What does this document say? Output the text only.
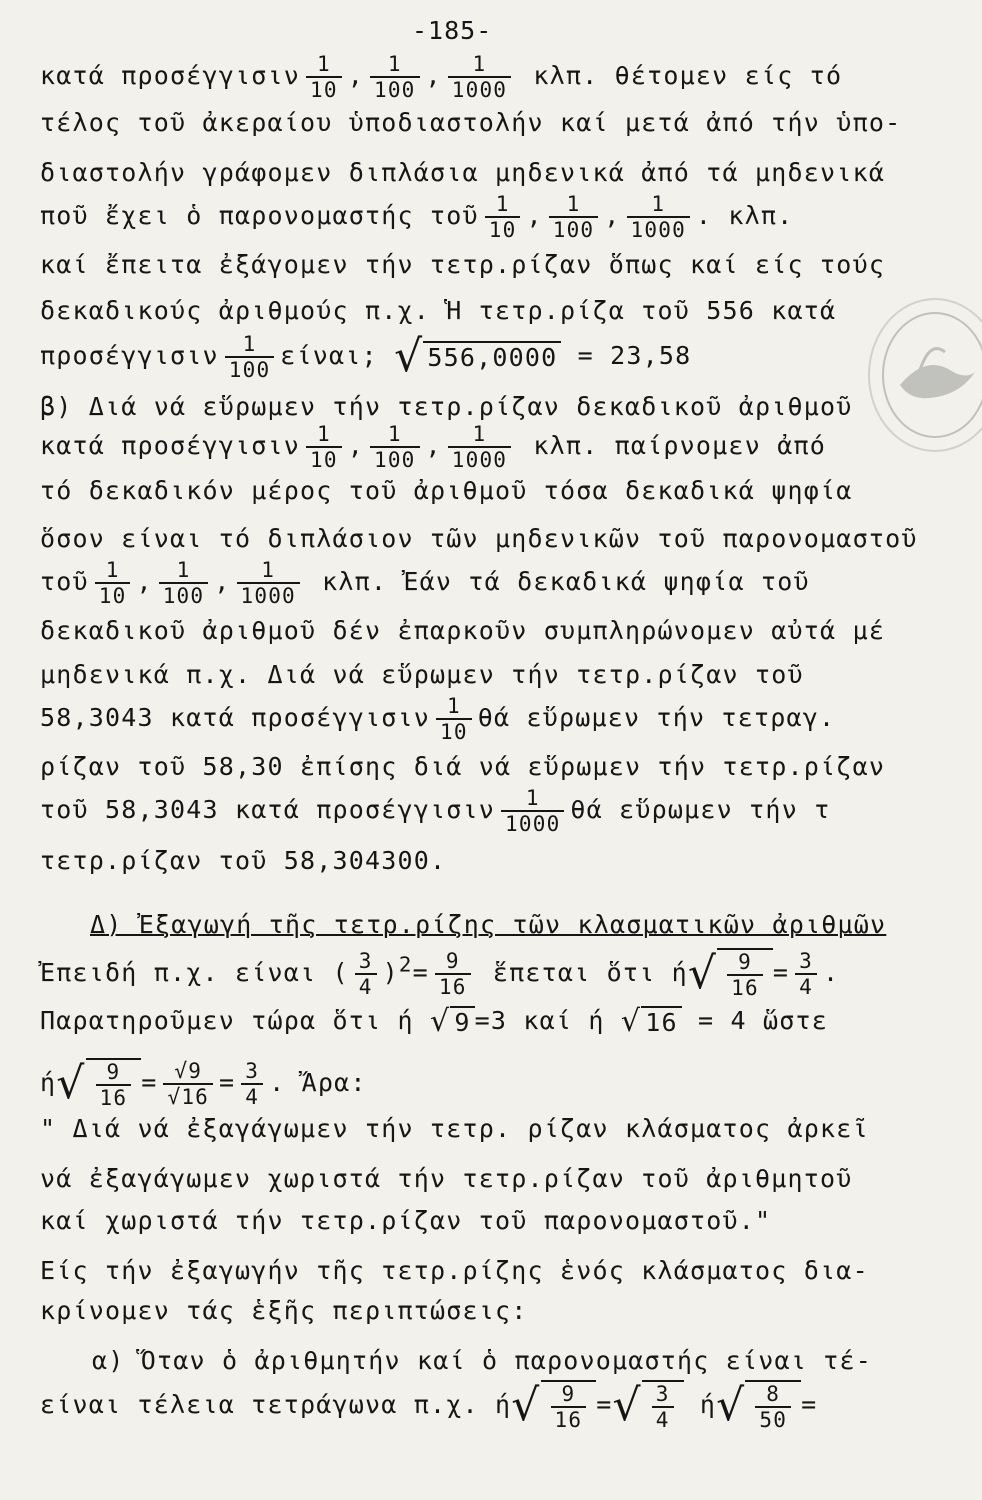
-185-
κατά προσέγγισιν $\frac{1}{10}$ , $\frac{1}{100}$ , $\frac{1}{1000} \kappa\lambda\pi$. θέτομεν είς τό
τέλος τοῦ ἀκεραίου ὑποδιαστολήν καί μετά ἀπό τήν ὑπο-
διαστολήν γράφομεν διπλάσια μηδενικά ἀπό τά μηδενικά
ποῦ ἔχει ὁ παρονομαστής τοῦ $\frac{1}{10}$ , $\frac{1}{100}$ , $\frac{1}{1000}$ . κλπ.
καί ἔπειτα ἐξάγομεν τήν τετρ.ρίζαν ὅπως καί είς τούς
δεκαδικούς ἀριθμούς π.χ. Ἡ τετρ.ρίζα τοῦ 556 κατά
προσέγγισιν $\frac{1}{100} \varepsilon ί\nu\alpha\iota$; √ 556,0000 = 23,58
β) Διά νά εὕρωμεν τήν τετρ.ρίζαν δεκαδικοῦ ἀριθμοῦ
κατά προσέγγισιν $\frac{1}{10}$ , $\frac{1}{100}$ , $\frac{1}{1000} \kappa\lambda\pi$. παίρνομεν ἀπό
τό δεκαδικόν μέρος τοῦ ἀριθμοῦ τόσα δεκαδικά ψηφία
ὅσον είναι τό διπλάσιον τῶν μηδενικῶν τοῦ παρονομαστοῦ
τοῦ $\frac{1}{10}$ , $\frac{1}{100}$ , $\frac{1}{1000} \kappa\lambda\pi$. Ἐάν τά δεκαδικά ψηφία τοῦ
δεκαδικοῦ ἀριθμοῦ δέν ἐπαρκοῦν συμπληρώνομεν αὐτά μέ
μηδενικά π.χ. Διά νά εὕρωμεν τήν τετρ.ρίζαν τοῦ
58,3043 κατά προσέγγισιν $\frac{1}{10}$ θά εὕρωμεν τήν τετραγ.
ρίζαν τοῦ 58,30 ἐπίσης διά νά εὕρωμεν τήν τετρ.ρίζαν
τοῦ 58,3043 κατά προσέγγισιν $\frac{1}{1000}$ θά εὕρωμεν τήν τ
τετρ.ρίζαν τοῦ 58,304300.
Δ) Ἐξαγωγή τῆς τετρ.ρίζης τῶν κλασματικῶν ἀριθμῶν
Ἐπειδή π.χ. είναι ( $\frac{3}{4} )^2= \frac{9}{16}$ ἕπεται ὅτι ή √ 9
16
= $\frac{3}{4}$ .
Παρατηροῦμεν τώρα ὅτι ή √ 9 =3 καί ή √ 16 = 4 ὥστε
ή √ 9
16
= $\frac{√9}{√16} = \frac{3}{4}$ . Ἄρα:
" Διά νά ἐξαγάγωμεν τήν τετρ. ρίζαν κλάσματος ἀρκεῖ
νά ἐξαγάγωμεν χωριστά τήν τετρ.ρίζαν τοῦ ἀριθμητοῦ
καί χωριστά τήν τετρ.ρίζαν τοῦ παρονομαστοῦ."
Είς τήν ἐξαγωγήν τῆς τετρ.ρίζης ἑνός κλάσματος δια-
κρίνομεν τάς ἑξῆς περιπτώσεις:
α) Ὅταν ὁ ἀριθμητήν καί ὁ παρονομαστής είναι τέ-
είναι τέλεια τετράγωνα π.χ. ή √ 9
16
= √ 3
4
ή √ 8
50
=
